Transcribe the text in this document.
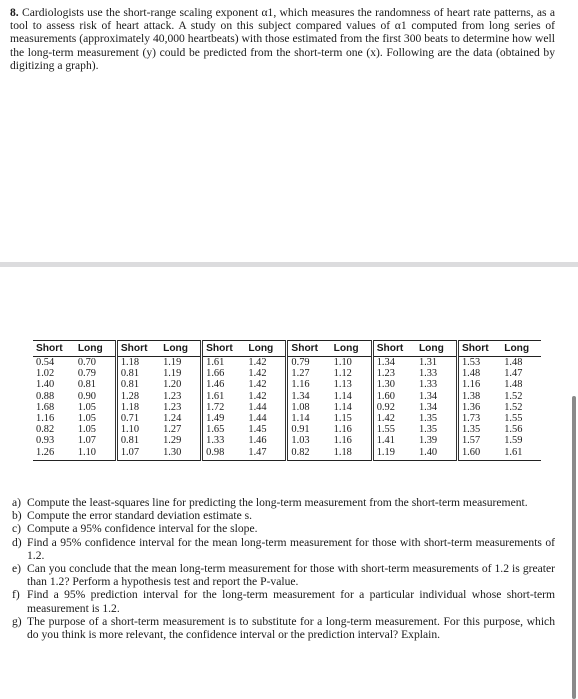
8. Cardiologists use the short-range scaling exponent α1, which measures the randomness of heart rate patterns, as a tool to assess risk of heart attack. A study on this subject compared values of α1 computed from long series of measurements (approximately 40,000 heartbeats) with those estimated from the first 300 beats to determine how well the long-term measurement (y) could be predicted from the short-term one (x). Following are the data (obtained by digitizing a graph).
Short	Long	Short	Long	Short	Long	Short	Long	Short	Long	Short	Long
0.54	0.70	1.18	1.19	1.61	1.42	0.79	1.10	1.34	1.31	1.53	1.48
1.02	0.79	0.81	1.19	1.66	1.42	1.27	1.12	1.23	1.33	1.48	1.47
1.40	0.81	0.81	1.20	1.46	1.42	1.16	1.13	1.30	1.33	1.16	1.48
0.88	0.90	1.28	1.23	1.61	1.42	1.34	1.14	1.60	1.34	1.38	1.52
1.68	1.05	1.18	1.23	1.72	1.44	1.08	1.14	0.92	1.34	1.36	1.52
1.16	1.05	0.71	1.24	1.49	1.44	1.14	1.15	1.42	1.35	1.73	1.55
0.82	1.05	1.10	1.27	1.65	1.45	0.91	1.16	1.55	1.35	1.35	1.56
0.93	1.07	0.81	1.29	1.33	1.46	1.03	1.16	1.41	1.39	1.57	1.59
1.26	1.10	1.07	1.30	0.98	1.47	0.82	1.18	1.19	1.40	1.60	1.61
a) Compute the least-squares line for predicting the long-term measurement from the short-term measurement.
b) Compute the error standard deviation estimate s.
c) Compute a 95% confidence interval for the slope.
d) Find a 95% confidence interval for the mean long-term measurement for those with short-term measurements of 1.2.
e) Can you conclude that the mean long-term measurement for those with short-term measurements of 1.2 is greater than 1.2? Perform a hypothesis test and report the P-value.
f) Find a 95% prediction interval for the long-term measurement for a particular individual whose short-term measurement is 1.2.
g) The purpose of a short-term measurement is to substitute for a long-term measurement. For this purpose, which do you think is more relevant, the confidence interval or the prediction interval? Explain.
